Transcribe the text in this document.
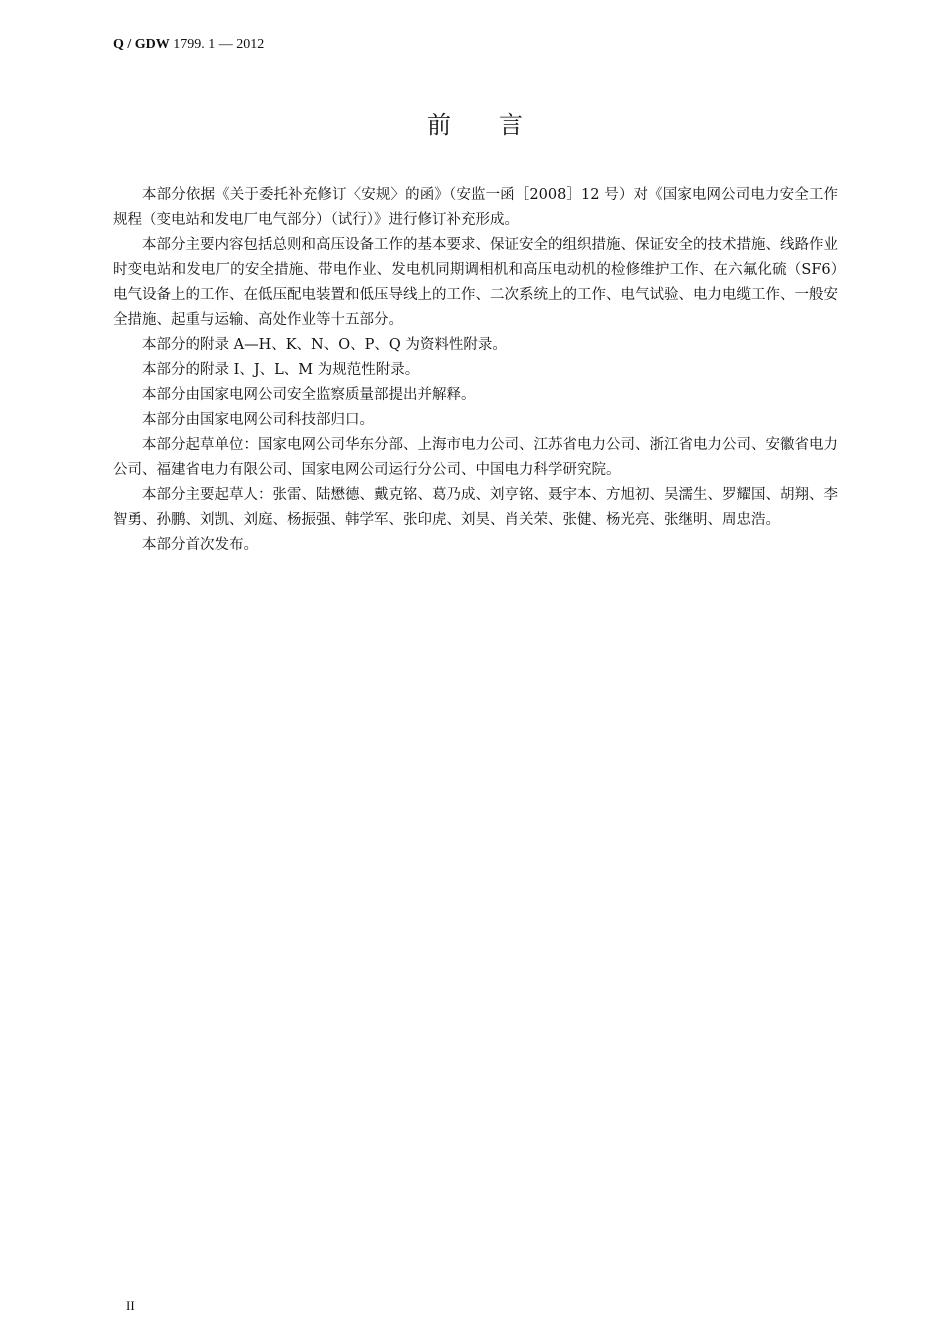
Q / GDW 1799. 1 — 2012
前言

本部分依据《关于委托补充修订〈安规〉的函》（安监一函［2008］12 号）对《国家电网公司电力安全工作规程（变电站和发电厂电气部分）（试行）》进行修订补充形成。

本部分主要内容包括总则和高压设备工作的基本要求、保证安全的组织措施、保证安全的技术措施、线路作业时变电站和发电厂的安全措施、带电作业、发电机同期调相机和高压电动机的检修维护工作、在六氟化硫（SF6）电气设备上的工作、在低压配电装置和低压导线上的工作、二次系统上的工作、电气试验、电力电缆工作、一般安全措施、起重与运输、高处作业等十五部分。

本部分的附录 A—H、K、N、O、P、Q 为资料性附录。

本部分的附录 I、J、L、M 为规范性附录。

本部分由国家电网公司安全监察质量部提出并解释。

本部分由国家电网公司科技部归口。

本部分起草单位：国家电网公司华东分部、上海市电力公司、江苏省电力公司、浙江省电力公司、安徽省电力公司、福建省电力有限公司、国家电网公司运行分公司、中国电力科学研究院。

本部分主要起草人：张雷、陆懋德、戴克铭、葛乃成、刘亨铭、聂宇本、方旭初、吴濡生、罗耀国、胡翔、李智勇、孙鹏、刘凯、刘庭、杨振强、韩学军、张印虎、刘昊、肖关荣、张健、杨光亮、张继明、周忠浩。

本部分首次发布。

II
